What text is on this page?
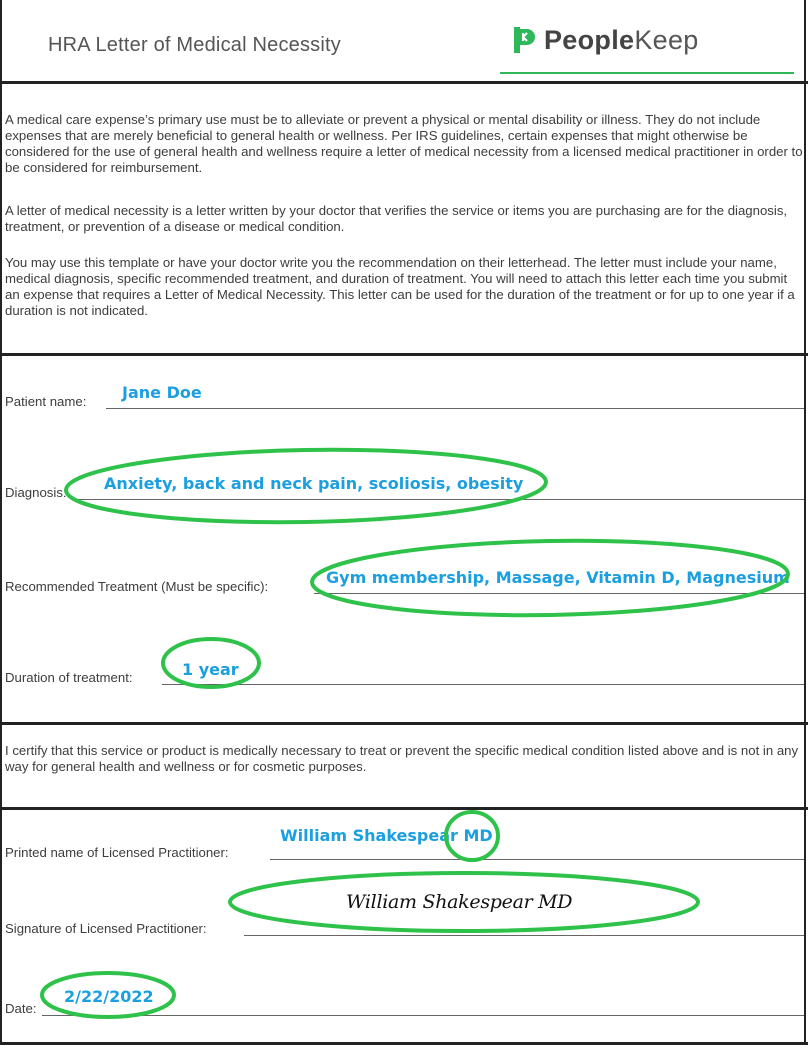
HRA Letter of Medical Necessity	PeopleKeep

A medical care expense’s primary use must be to alleviate or prevent a physical or mental disability or illness. They do not include expenses that are merely beneficial to general health or wellness. Per IRS guidelines, certain expenses that might otherwise be considered for the use of general health and wellness require a letter of medical necessity from a licensed medical practitioner in order to be considered for reimbursement.

A letter of medical necessity is a letter written by your doctor that verifies the service or items you are purchasing are for the diagnosis, treatment, or prevention of a disease or medical condition.

You may use this template or have your doctor write you the recommendation on their letterhead. The letter must include your name, medical diagnosis, specific recommended treatment, and duration of treatment. You will need to attach this letter each time you submit an expense that requires a Letter of Medical Necessity. This letter can be used for the duration of the treatment or for up to one year if a duration is not indicated.

Patient name: Jane Doe
Diagnosis: Anxiety, back and neck pain, scoliosis, obesity
Recommended Treatment (Must be specific):	Gym membership, Massage, Vitamin D, Magnesium
Duration of treatment:	1 year

I certify that this service or product is medically necessary to treat or prevent the specific medical condition listed above and is not in any way for general health and wellness or for cosmetic purposes.

Printed name of Licensed Practitioner:
William Shakespear MD
Signature of Licensed Practitioner:
William Shakespear MD
Date:
2/22/2022
